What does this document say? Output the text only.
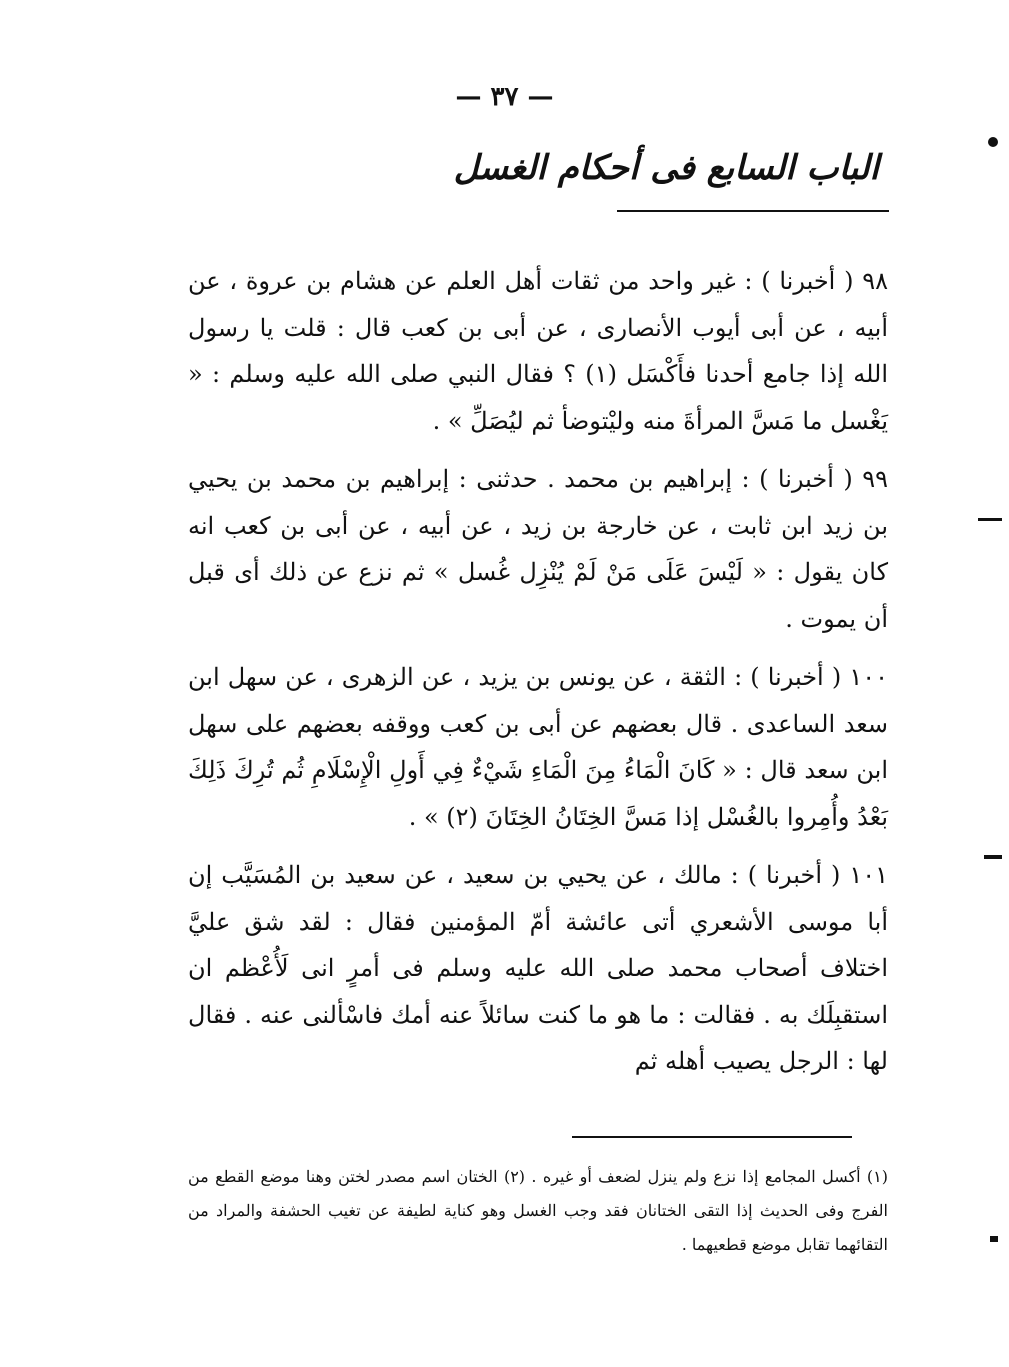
— ٣٧ —
الباب السابع فى أحكام الغسل

٩٨ ( أخبرنا ) : غير واحد من ثقات أهل العلم عن هشام بن عروة ، عن أبيه ، عن أبى أيوب الأنصارى ، عن أبى بن كعب قال : قلت يا رسول الله إذا جامع أحدنا فأَكْسَل (١) ؟ فقال النبي صلى الله عليه وسلم : « يَغْسل ما مَسَّ المرأةَ منه وليْتوضأ ثم ليُصَلِّ » .

٩٩ ( أخبرنا ) : إبراهيم بن محمد . حدثنى : إبراهيم بن محمد بن يحيي بن زيد ابن ثابت ، عن خارجة بن زيد ، عن أبيه ، عن أبى بن كعب انه كان يقول : « لَيْسَ عَلَى مَنْ لَمْ يُنْزِل غُسل » ثم نزع عن ذلك أى قبل أن يموت .

١٠٠ ( أخبرنا ) : الثقة ، عن يونس بن يزيد ، عن الزهرى ، عن سهل ابن سعد الساعدى . قال بعضهم عن أبى بن كعب ووقفه بعضهم على سهل ابن سعد قال : « كَانَ الْمَاءُ مِنَ الْمَاءِ شَيْءٌ فِي أَولِ الْإِسْلَامِ ثُم تُرِكَ ذَلِكَ بَعْدُ وأُمِروا بالغُسْل إذا مَسَّ الخِتَانُ الخِتَانَ (٢) » .

١٠١ ( أخبرنا ) : مالك ، عن يحيي بن سعيد ، عن سعيد بن المُسَيَّب إن أبا موسى الأشعري أتى عائشة أمّ المؤمنين فقال : لقد شق عليَّ اختلاف أصحاب محمد صلى الله عليه وسلم فى أمرٍ انى لَأُعْظم ان استقبِلَك به . فقالت : ما هو ما كنت سائلاً عنه أمك فاسْألنى عنه . فقال لها : الرجل يصيب أهله ثم

(١) أكسل المجامع إذا نزع ولم ينزل لضعف أو غيره . (٢) الختان اسم مصدر لختن وهنا موضع القطع من الفرج وفى الحديث إذا التقى الختانان فقد وجب الغسل وهو كناية لطيفة عن تغيب الحشفة والمراد من التقائهما تقابل موضع قطعيهما .
